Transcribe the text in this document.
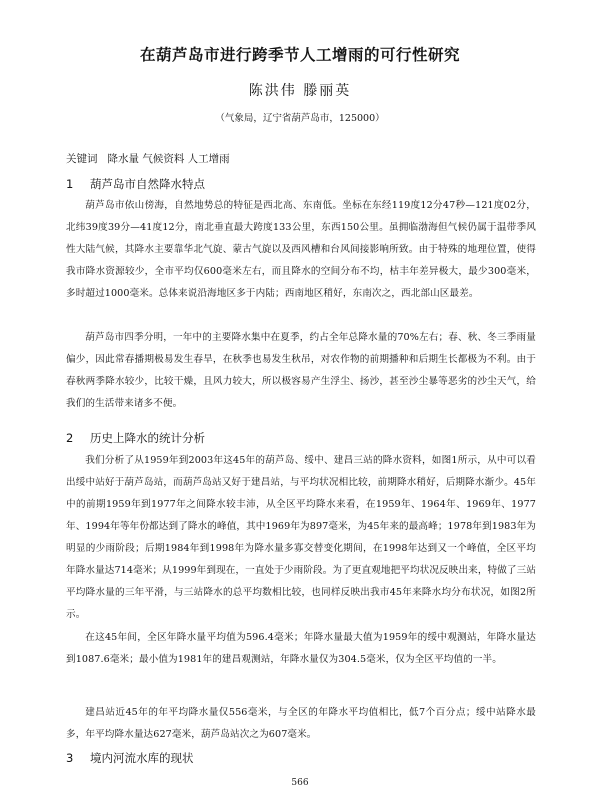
在葫芦岛市进行跨季节人工增雨的可行性研究
陈洪伟 滕丽英
（气象局，辽宁省葫芦岛市，125000）
关键词 降水量 气候资料 人工增雨
1 葫芦岛市自然降水特点

葫芦岛市依山傍海，自然地势总的特征是西北高、东南低。坐标在东经119度12分47秒—121度02分，北纬39度39分—41度12分，南北垂直最大跨度133公里，东西150公里。虽拥临渤海但气候仍属于温带季风性大陆气候，其降水主要靠华北气旋、蒙古气旋以及西风槽和台风间接影响所致。由于特殊的地理位置，使得我市降水资源较少，全市平均仅600毫米左右，而且降水的空间分布不均，枯丰年差异极大，最少300毫米，多时超过1000毫米。总体来说沿海地区多于内陆；西南地区稍好，东南次之，西北部山区最差。

葫芦岛市四季分明，一年中的主要降水集中在夏季，约占全年总降水量的70%左右；春、秋、冬三季雨量偏少，因此常春播期极易发生春旱，在秋季也易发生秋吊，对农作物的前期播种和后期生长都极为不利。由于春秋两季降水较少，比较干燥，且风力较大，所以极容易产生浮尘、扬沙，甚至沙尘暴等恶劣的沙尘天气，给我们的生活带来诸多不便。

2 历史上降水的统计分析

我们分析了从1959年到2003年这45年的葫芦岛、绥中、建昌三站的降水资料，如图1所示，从中可以看出绥中站好于葫芦岛站，而葫芦岛站又好于建昌站，与平均状况相比较，前期降水稍好，后期降水渐少。45年中的前期1959年到1977年之间降水较丰沛，从全区平均降水来看，在1959年、1964年、1969年、1977年、1994年等年份都达到了降水的峰值，其中1969年为897毫米，为45年来的最高峰；1978年到1983年为明显的少雨阶段；后期1984年到1998年为降水量多寡交替变化期间，在1998年达到又一个峰值，全区平均年降水量达714毫米；从1999年到现在，一直处于少雨阶段。为了更直观地把平均状况反映出来，特做了三站平均降水量的三年平滑，与三站降水的总平均数相比较，也同样反映出我市45年来降水均分布状况，如图2所示。

在这45年间，全区年降水量平均值为596.4毫米；年降水量最大值为1959年的绥中观测站，年降水量达到1087.6毫米；最小值为1981年的建昌观测站，年降水量仅为304.5毫米，仅为全区平均值的一半。

建昌站近45年的年平均降水量仅556毫米，与全区的年降水平均值相比，低7个百分点；绥中站降水最多，年平均降水量达627毫米，葫芦岛站次之为607毫米。

3 境内河流水库的现状
566
